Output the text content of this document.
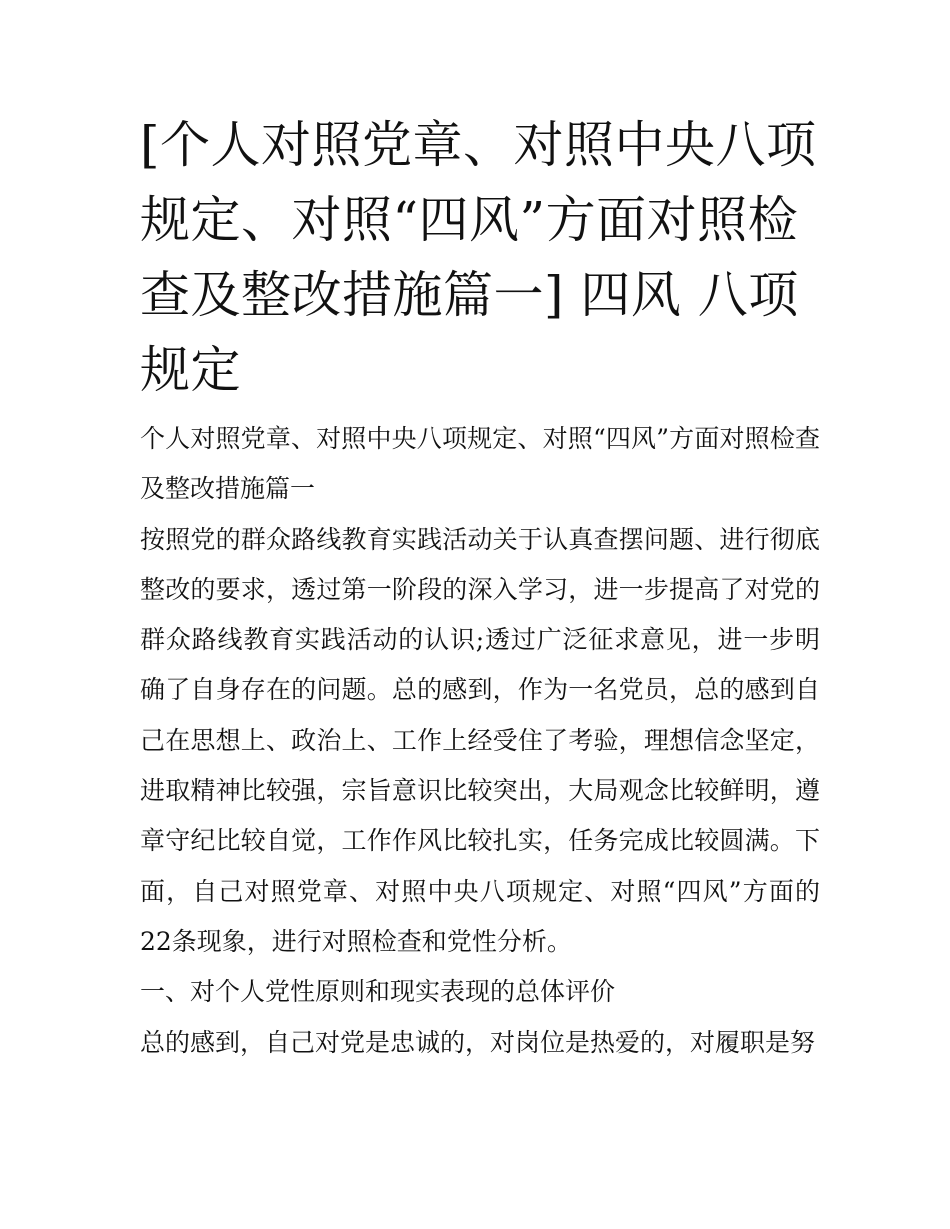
[个人对照党章、对照中央八项规定、对照“四风”方面对照检查及整改措施篇一] 四风 八项规定

个人对照党章、对照中央八项规定、对照“四风”方面对照检查及整改措施篇一

按照党的群众路线教育实践活动关于认真查摆问题、进行彻底整改的要求，透过第一阶段的深入学习，进一步提高了对党的群众路线教育实践活动的认识;透过广泛征求意见，进一步明确了自身存在的问题。总的感到，作为一名党员，总的感到自己在思想上、政治上、工作上经受住了考验，理想信念坚定，进取精神比较强，宗旨意识比较突出，大局观念比较鲜明，遵章守纪比较自觉，工作作风比较扎实，任务完成比较圆满。下面，自己对照党章、对照中央八项规定、对照“四风”方面的22条现象，进行对照检查和党性分析。

一、对个人党性原则和现实表现的总体评价

总的感到，自己对党是忠诚的，对岗位是热爱的，对履职是努
